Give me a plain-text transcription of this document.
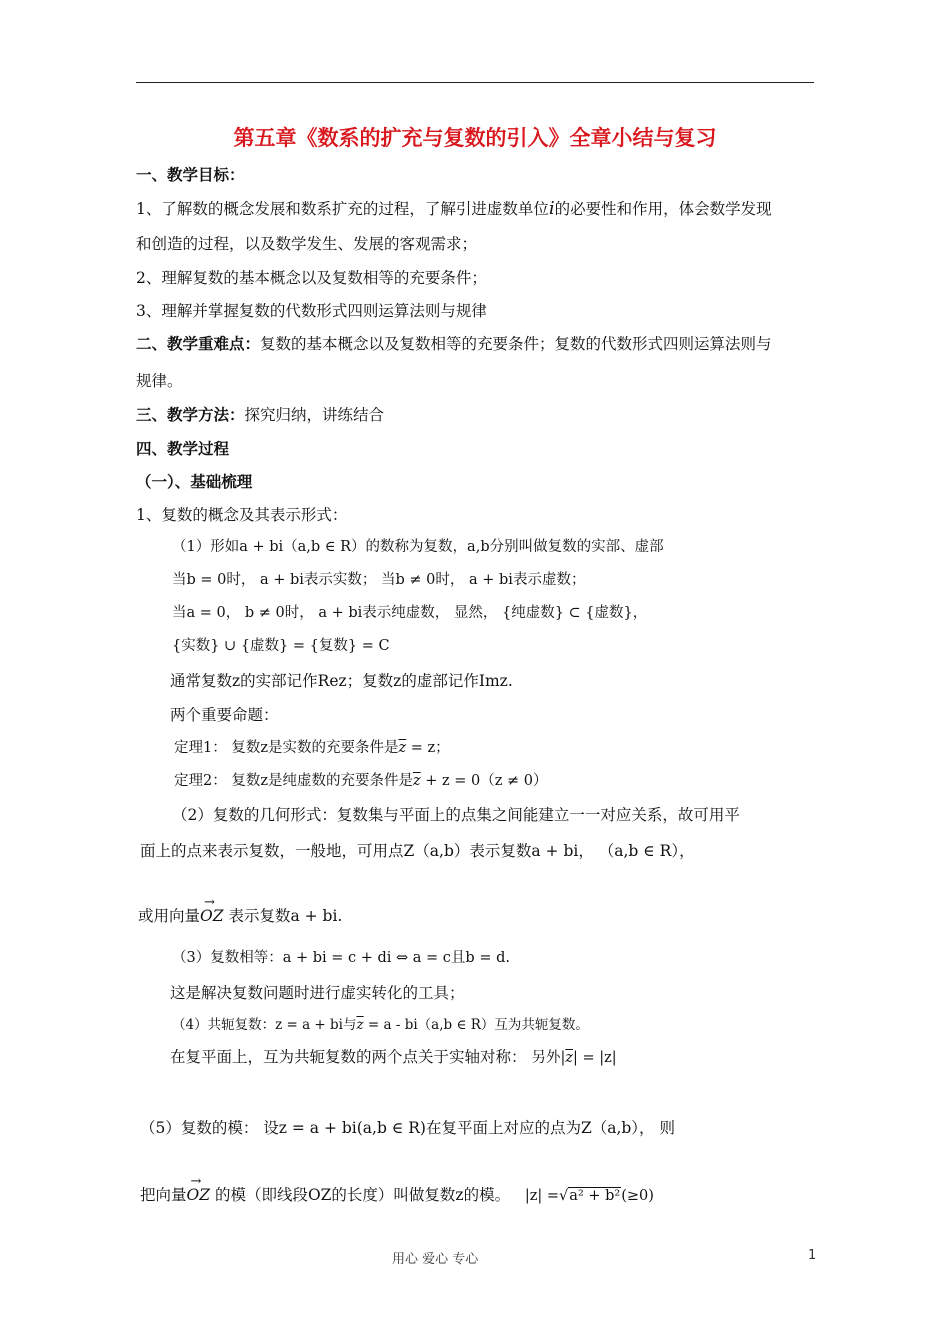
第五章《数系的扩充与复数的引入》全章小结与复习
一、教学目标：
1、了解数的概念发展和数系扩充的过程，了解引进虚数单位i的必要性和作用，体会数学发现
和创造的过程，以及数学发生、发展的客观需求；
2、理解复数的基本概念以及复数相等的充要条件；
3、理解并掌握复数的代数形式四则运算法则与规律
二、教学重难点：复数的基本概念以及复数相等的充要条件；复数的代数形式四则运算法则与
规律。
三、教学方法：探究归纳，讲练结合
四、教学过程
（一）、基础梳理
1、复数的概念及其表示形式：
（1）形如a + bi（a,b ∈ R）的数称为复数，a,b分别叫做复数的实部、虚部
当b = 0时， a + bi表示实数； 当b ≠ 0时， a + bi表示虚数；
当a = 0， b ≠ 0时， a + bi表示纯虚数， 显然， {纯虚数} ⊂ {虚数}，
{实数} ∪ {虚数} = {复数} = C
通常复数z的实部记作Rez；复数z的虚部记作Imz.
两个重要命题：
定理1： 复数z是实数的充要条件是$\overline{z} = z$；
定理2： 复数z是纯虚数的充要条件是$\overline{z} + z = 0(z \ne 0)$
（2）复数的几何形式：复数集与平面上的点集之间能建立一一对应关系，故可用平
面上的点来表示复数，一般地，可用点Z（a,b）表示复数a + bi， （a,b ∈ R），
或用向量→ OZ 表示复数a + bi.
（3）复数相等：a + bi = c + di ⇔ a = c且b = d.
这是解决复数问题时进行虚实转化的工具；
（4）共轭复数：z = a + bi与$\overline{z} = a - bi(a,b$ ∈ R）互为共轭复数。
在复平面上，互为共轭复数的两个点关于实轴对称： 另外$|\overline{z}| = |z|$
（5）复数的模： 设z = a + bi(a,b ∈ R)在复平面上对应的点为Z（a,b）， 则
把向量→ OZ 的模（即线段OZ的长度）叫做复数z的模。 |z| =√a² + b²(≥0)
用心 爱心 专心	1
